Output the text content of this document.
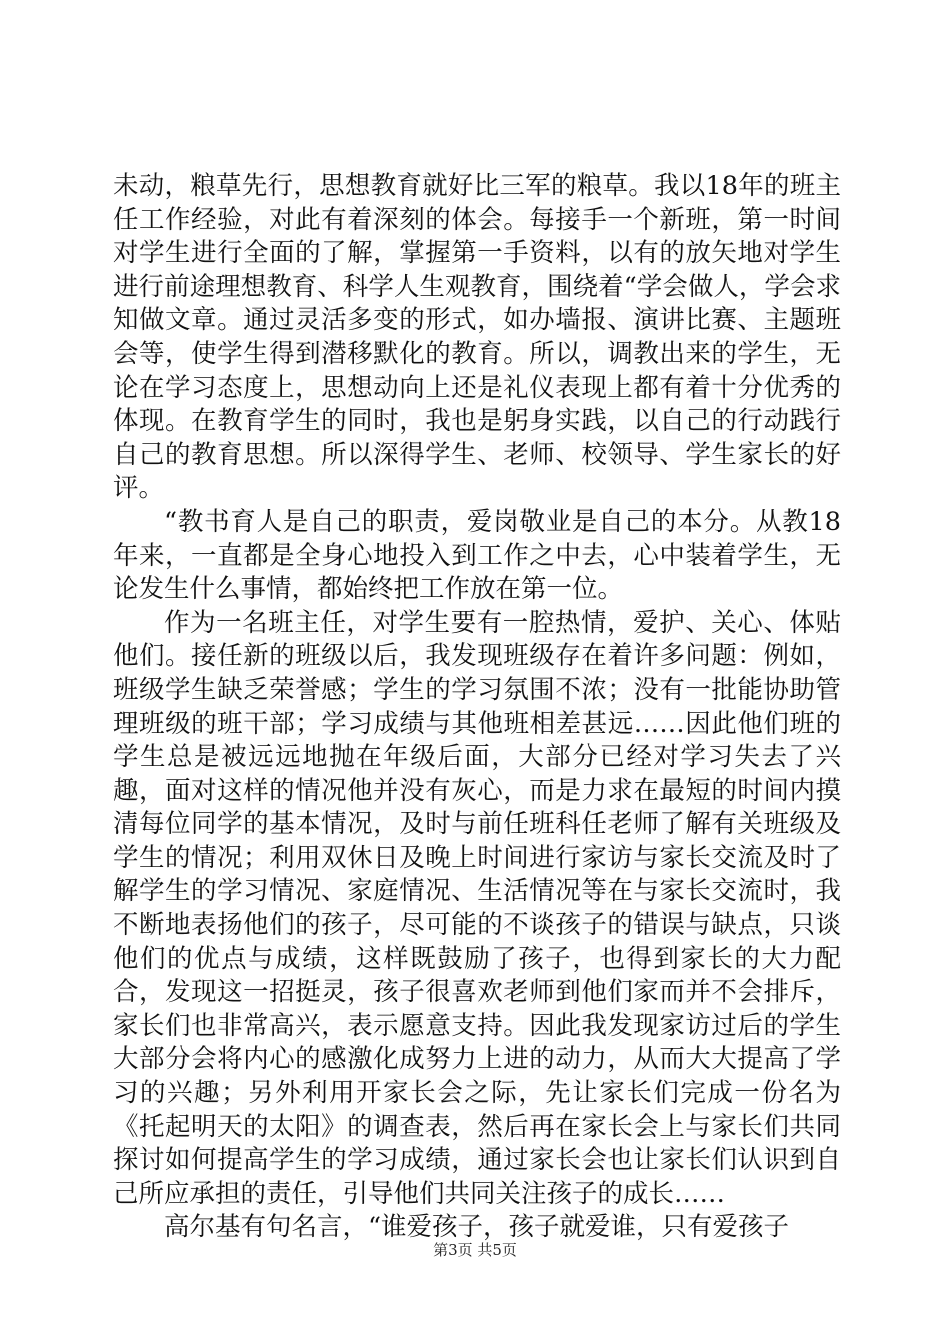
未动，粮草先行，思想教育就好比三军的粮草。我以18年的班主任工作经验，对此有着深刻的体会。每接手一个新班，第一时间对学生进行全面的了解，掌握第一手资料，以有的放矢地对学生进行前途理想教育、科学人生观教育，围绕着“学会做人，学会求知做文章。通过灵活多变的形式，如办墙报、演讲比赛、主题班会等，使学生得到潜移默化的教育。所以，调教出来的学生，无论在学习态度上，思想动向上还是礼仪表现上都有着十分优秀的体现。在教育学生的同时，我也是躬身实践，以自己的行动践行自己的教育思想。所以深得学生、老师、校领导、学生家长的好评。

“教书育人是自己的职责，爱岗敬业是自己的本分。从教18年来，一直都是全身心地投入到工作之中去，心中装着学生，无论发生什么事情，都始终把工作放在第一位。

作为一名班主任，对学生要有一腔热情，爱护、关心、体贴他们。接任新的班级以后，我发现班级存在着许多问题：例如，班级学生缺乏荣誉感；学生的学习氛围不浓；没有一批能协助管理班级的班干部；学习成绩与其他班相差甚远……因此他们班的学生总是被远远地抛在年级后面，大部分已经对学习失去了兴趣，面对这样的情况他并没有灰心，而是力求在最短的时间内摸清每位同学的基本情况，及时与前任班科任老师了解有关班级及学生的情况；利用双休日及晚上时间进行家访与家长交流及时了解学生的学习情况、家庭情况、生活情况等在与家长交流时，我不断地表扬他们的孩子，尽可能的不谈孩子的错误与缺点，只谈他们的优点与成绩，这样既鼓励了孩子，也得到家长的大力配合，发现这一招挺灵，孩子很喜欢老师到他们家而并不会排斥，家长们也非常高兴，表示愿意支持。因此我发现家访过后的学生大部分会将内心的感激化成努力上进的动力，从而大大提高了学习的兴趣；另外利用开家长会之际，先让家长们完成一份名为《托起明天的太阳》的调查表，然后再在家长会上与家长们共同探讨如何提高学生的学习成绩，通过家长会也让家长们认识到自己所应承担的责任，引导他们共同关注孩子的成长……

高尔基有句名言，“谁爱孩子，孩子就爱谁，只有爱孩子

第3页 共5页
